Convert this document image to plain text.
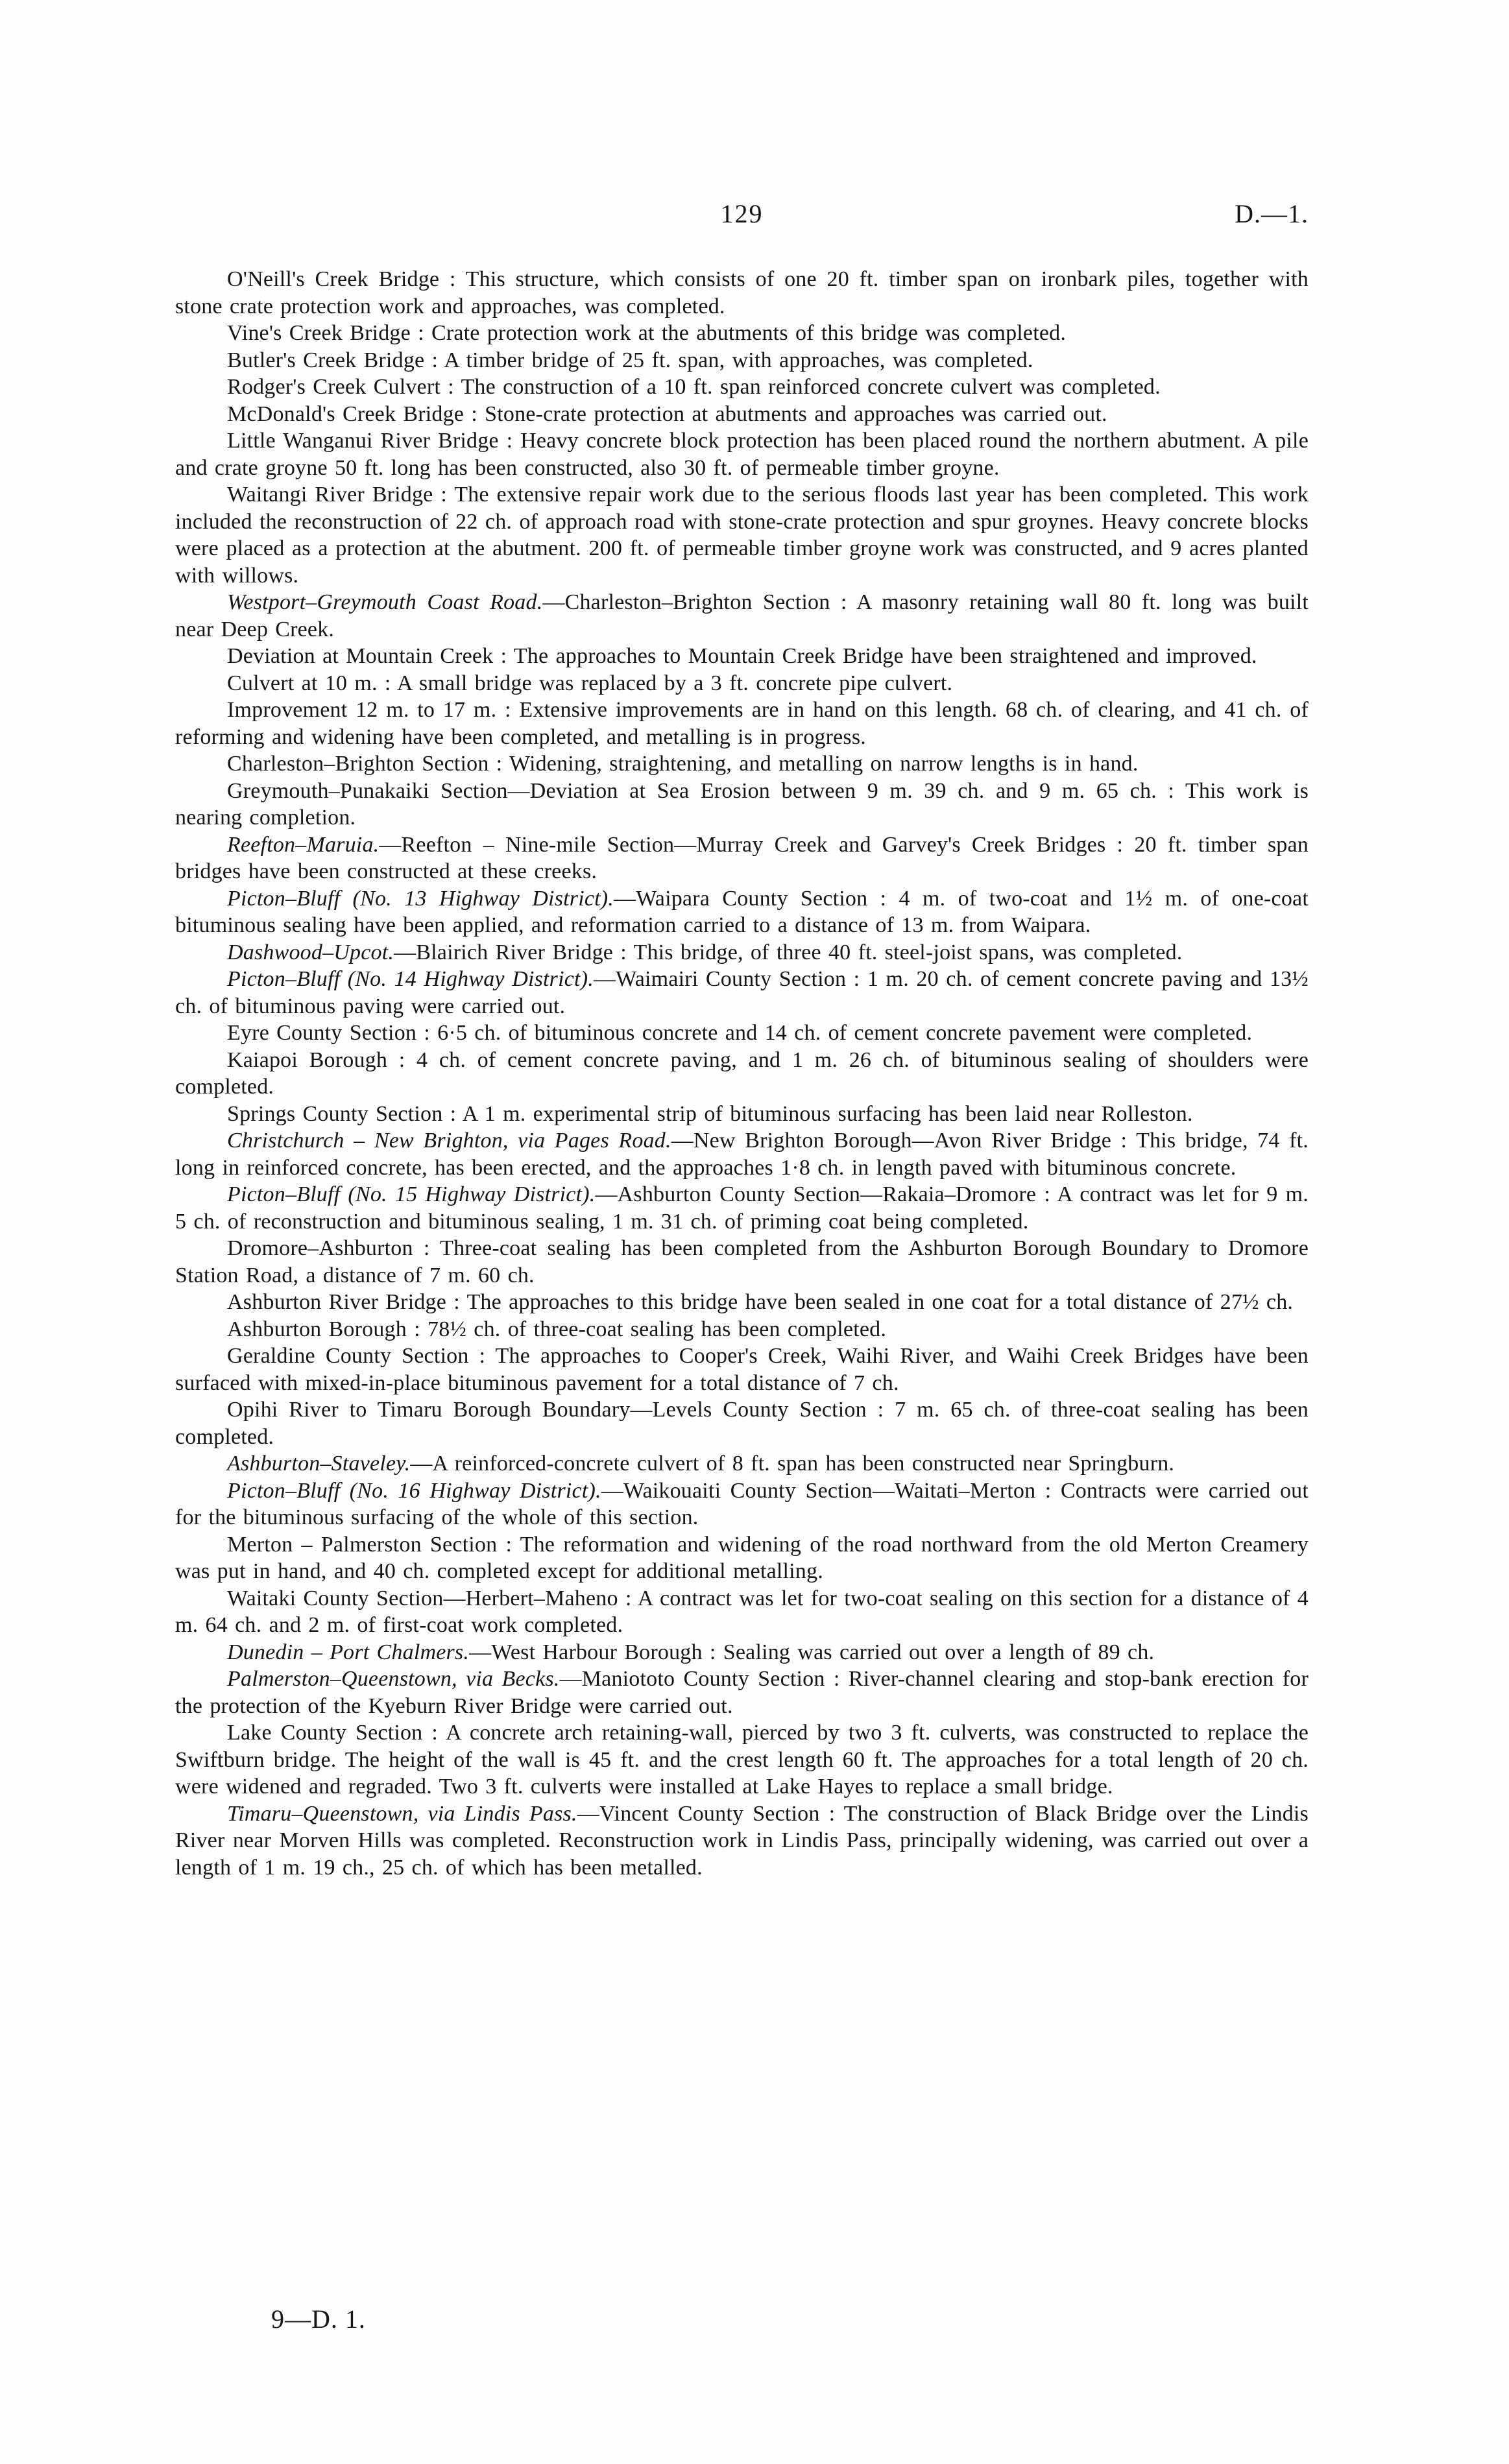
129	D.—1.

O'Neill's Creek Bridge : This structure, which consists of one 20 ft. timber span on ironbark piles, together with stone crate protection work and approaches, was completed.

Vine's Creek Bridge : Crate protection work at the abutments of this bridge was completed.

Butler's Creek Bridge : A timber bridge of 25 ft. span, with approaches, was completed.

Rodger's Creek Culvert : The construction of a 10 ft. span reinforced concrete culvert was completed.

McDonald's Creek Bridge : Stone-crate protection at abutments and approaches was carried out.

Little Wanganui River Bridge : Heavy concrete block protection has been placed round the northern abutment. A pile and crate groyne 50 ft. long has been constructed, also 30 ft. of permeable timber groyne.

Waitangi River Bridge : The extensive repair work due to the serious floods last year has been completed. This work included the reconstruction of 22 ch. of approach road with stone-crate protection and spur groynes. Heavy concrete blocks were placed as a protection at the abutment. 200 ft. of permeable timber groyne work was constructed, and 9 acres planted with willows.

Westport–Greymouth Coast Road.—Charleston–Brighton Section : A masonry retaining wall 80 ft. long was built near Deep Creek.

Deviation at Mountain Creek : The approaches to Mountain Creek Bridge have been straightened and improved.

Culvert at 10 m. : A small bridge was replaced by a 3 ft. concrete pipe culvert.

Improvement 12 m. to 17 m. : Extensive improvements are in hand on this length. 68 ch. of clearing, and 41 ch. of reforming and widening have been completed, and metalling is in progress.

Charleston–Brighton Section : Widening, straightening, and metalling on narrow lengths is in hand.

Greymouth–Punakaiki Section—Deviation at Sea Erosion between 9 m. 39 ch. and 9 m. 65 ch. : This work is nearing completion.

Reefton–Maruia.—Reefton – Nine-mile Section—Murray Creek and Garvey's Creek Bridges : 20 ft. timber span bridges have been constructed at these creeks.

Picton–Bluff (No. 13 Highway District).—Waipara County Section : 4 m. of two-coat and 1½ m. of one-coat bituminous sealing have been applied, and reformation carried to a distance of 13 m. from Waipara.

Dashwood–Upcot.—Blairich River Bridge : This bridge, of three 40 ft. steel-joist spans, was completed.

Picton–Bluff (No. 14 Highway District).—Waimairi County Section : 1 m. 20 ch. of cement concrete paving and 13½ ch. of bituminous paving were carried out.

Eyre County Section : 6·5 ch. of bituminous concrete and 14 ch. of cement concrete pavement were completed.

Kaiapoi Borough : 4 ch. of cement concrete paving, and 1 m. 26 ch. of bituminous sealing of shoulders were completed.

Springs County Section : A 1 m. experimental strip of bituminous surfacing has been laid near Rolleston.

Christchurch – New Brighton, via Pages Road.—New Brighton Borough—Avon River Bridge : This bridge, 74 ft. long in reinforced concrete, has been erected, and the approaches 1·8 ch. in length paved with bituminous concrete.

Picton–Bluff (No. 15 Highway District).—Ashburton County Section—Rakaia–Dromore : A contract was let for 9 m. 5 ch. of reconstruction and bituminous sealing, 1 m. 31 ch. of priming coat being completed.

Dromore–Ashburton : Three-coat sealing has been completed from the Ashburton Borough Boundary to Dromore Station Road, a distance of 7 m. 60 ch.

Ashburton River Bridge : The approaches to this bridge have been sealed in one coat for a total distance of 27½ ch.

Ashburton Borough : 78½ ch. of three-coat sealing has been completed.

Geraldine County Section : The approaches to Cooper's Creek, Waihi River, and Waihi Creek Bridges have been surfaced with mixed-in-place bituminous pavement for a total distance of 7 ch.

Opihi River to Timaru Borough Boundary—Levels County Section : 7 m. 65 ch. of three-coat sealing has been completed.

Ashburton–Staveley.—A reinforced-concrete culvert of 8 ft. span has been constructed near Springburn.

Picton–Bluff (No. 16 Highway District).—Waikouaiti County Section—Waitati–Merton : Contracts were carried out for the bituminous surfacing of the whole of this section.

Merton – Palmerston Section : The reformation and widening of the road northward from the old Merton Creamery was put in hand, and 40 ch. completed except for additional metalling.

Waitaki County Section—Herbert–Maheno : A contract was let for two-coat sealing on this section for a distance of 4 m. 64 ch. and 2 m. of first-coat work completed.

Dunedin – Port Chalmers.—West Harbour Borough : Sealing was carried out over a length of 89 ch.

Palmerston–Queenstown, via Becks.—Maniototo County Section : River-channel clearing and stop-bank erection for the protection of the Kyeburn River Bridge were carried out.

Lake County Section : A concrete arch retaining-wall, pierced by two 3 ft. culverts, was constructed to replace the Swiftburn bridge. The height of the wall is 45 ft. and the crest length 60 ft. The approaches for a total length of 20 ch. were widened and regraded. Two 3 ft. culverts were installed at Lake Hayes to replace a small bridge.

Timaru–Queenstown, via Lindis Pass.—Vincent County Section : The construction of Black Bridge over the Lindis River near Morven Hills was completed. Reconstruction work in Lindis Pass, principally widening, was carried out over a length of 1 m. 19 ch., 25 ch. of which has been metalled.

9—D. 1.
